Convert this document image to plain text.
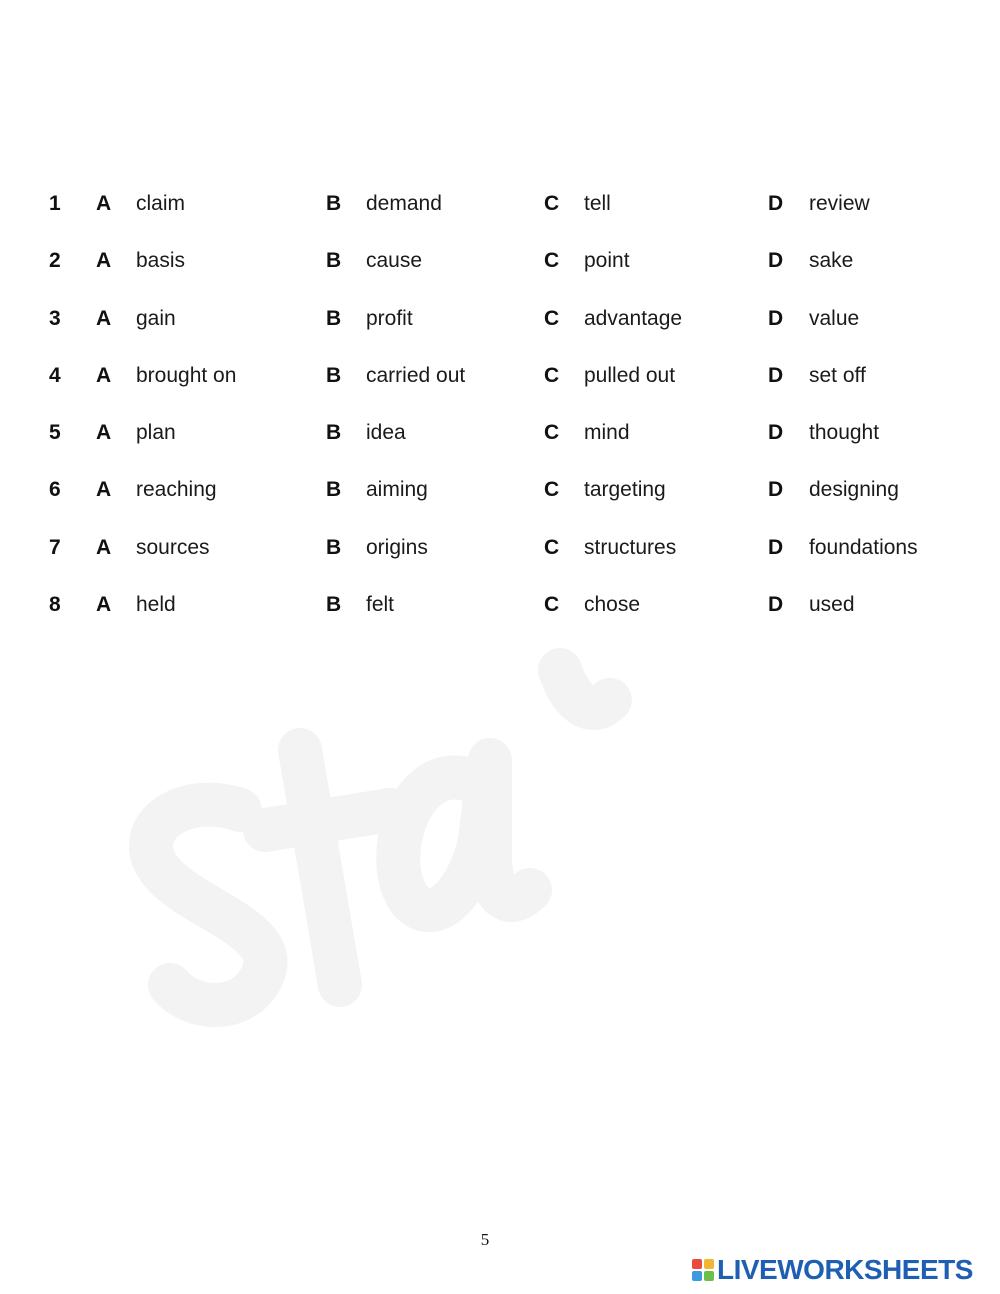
1 A claim	B demand	C tell	D review
2 A basis	B cause	C point	D sake
3 A gain	B profit	C advantage	D value
4 A brought on	B carried out	C pulled out	D set off
5 A plan	B idea	C mind	D thought
6 A reaching	B aiming	C targeting	D designing
7 A sources	B origins	C structures	D foundations
8 A held	B felt	C chose	D used
5
LIVEWORKSHEETS
